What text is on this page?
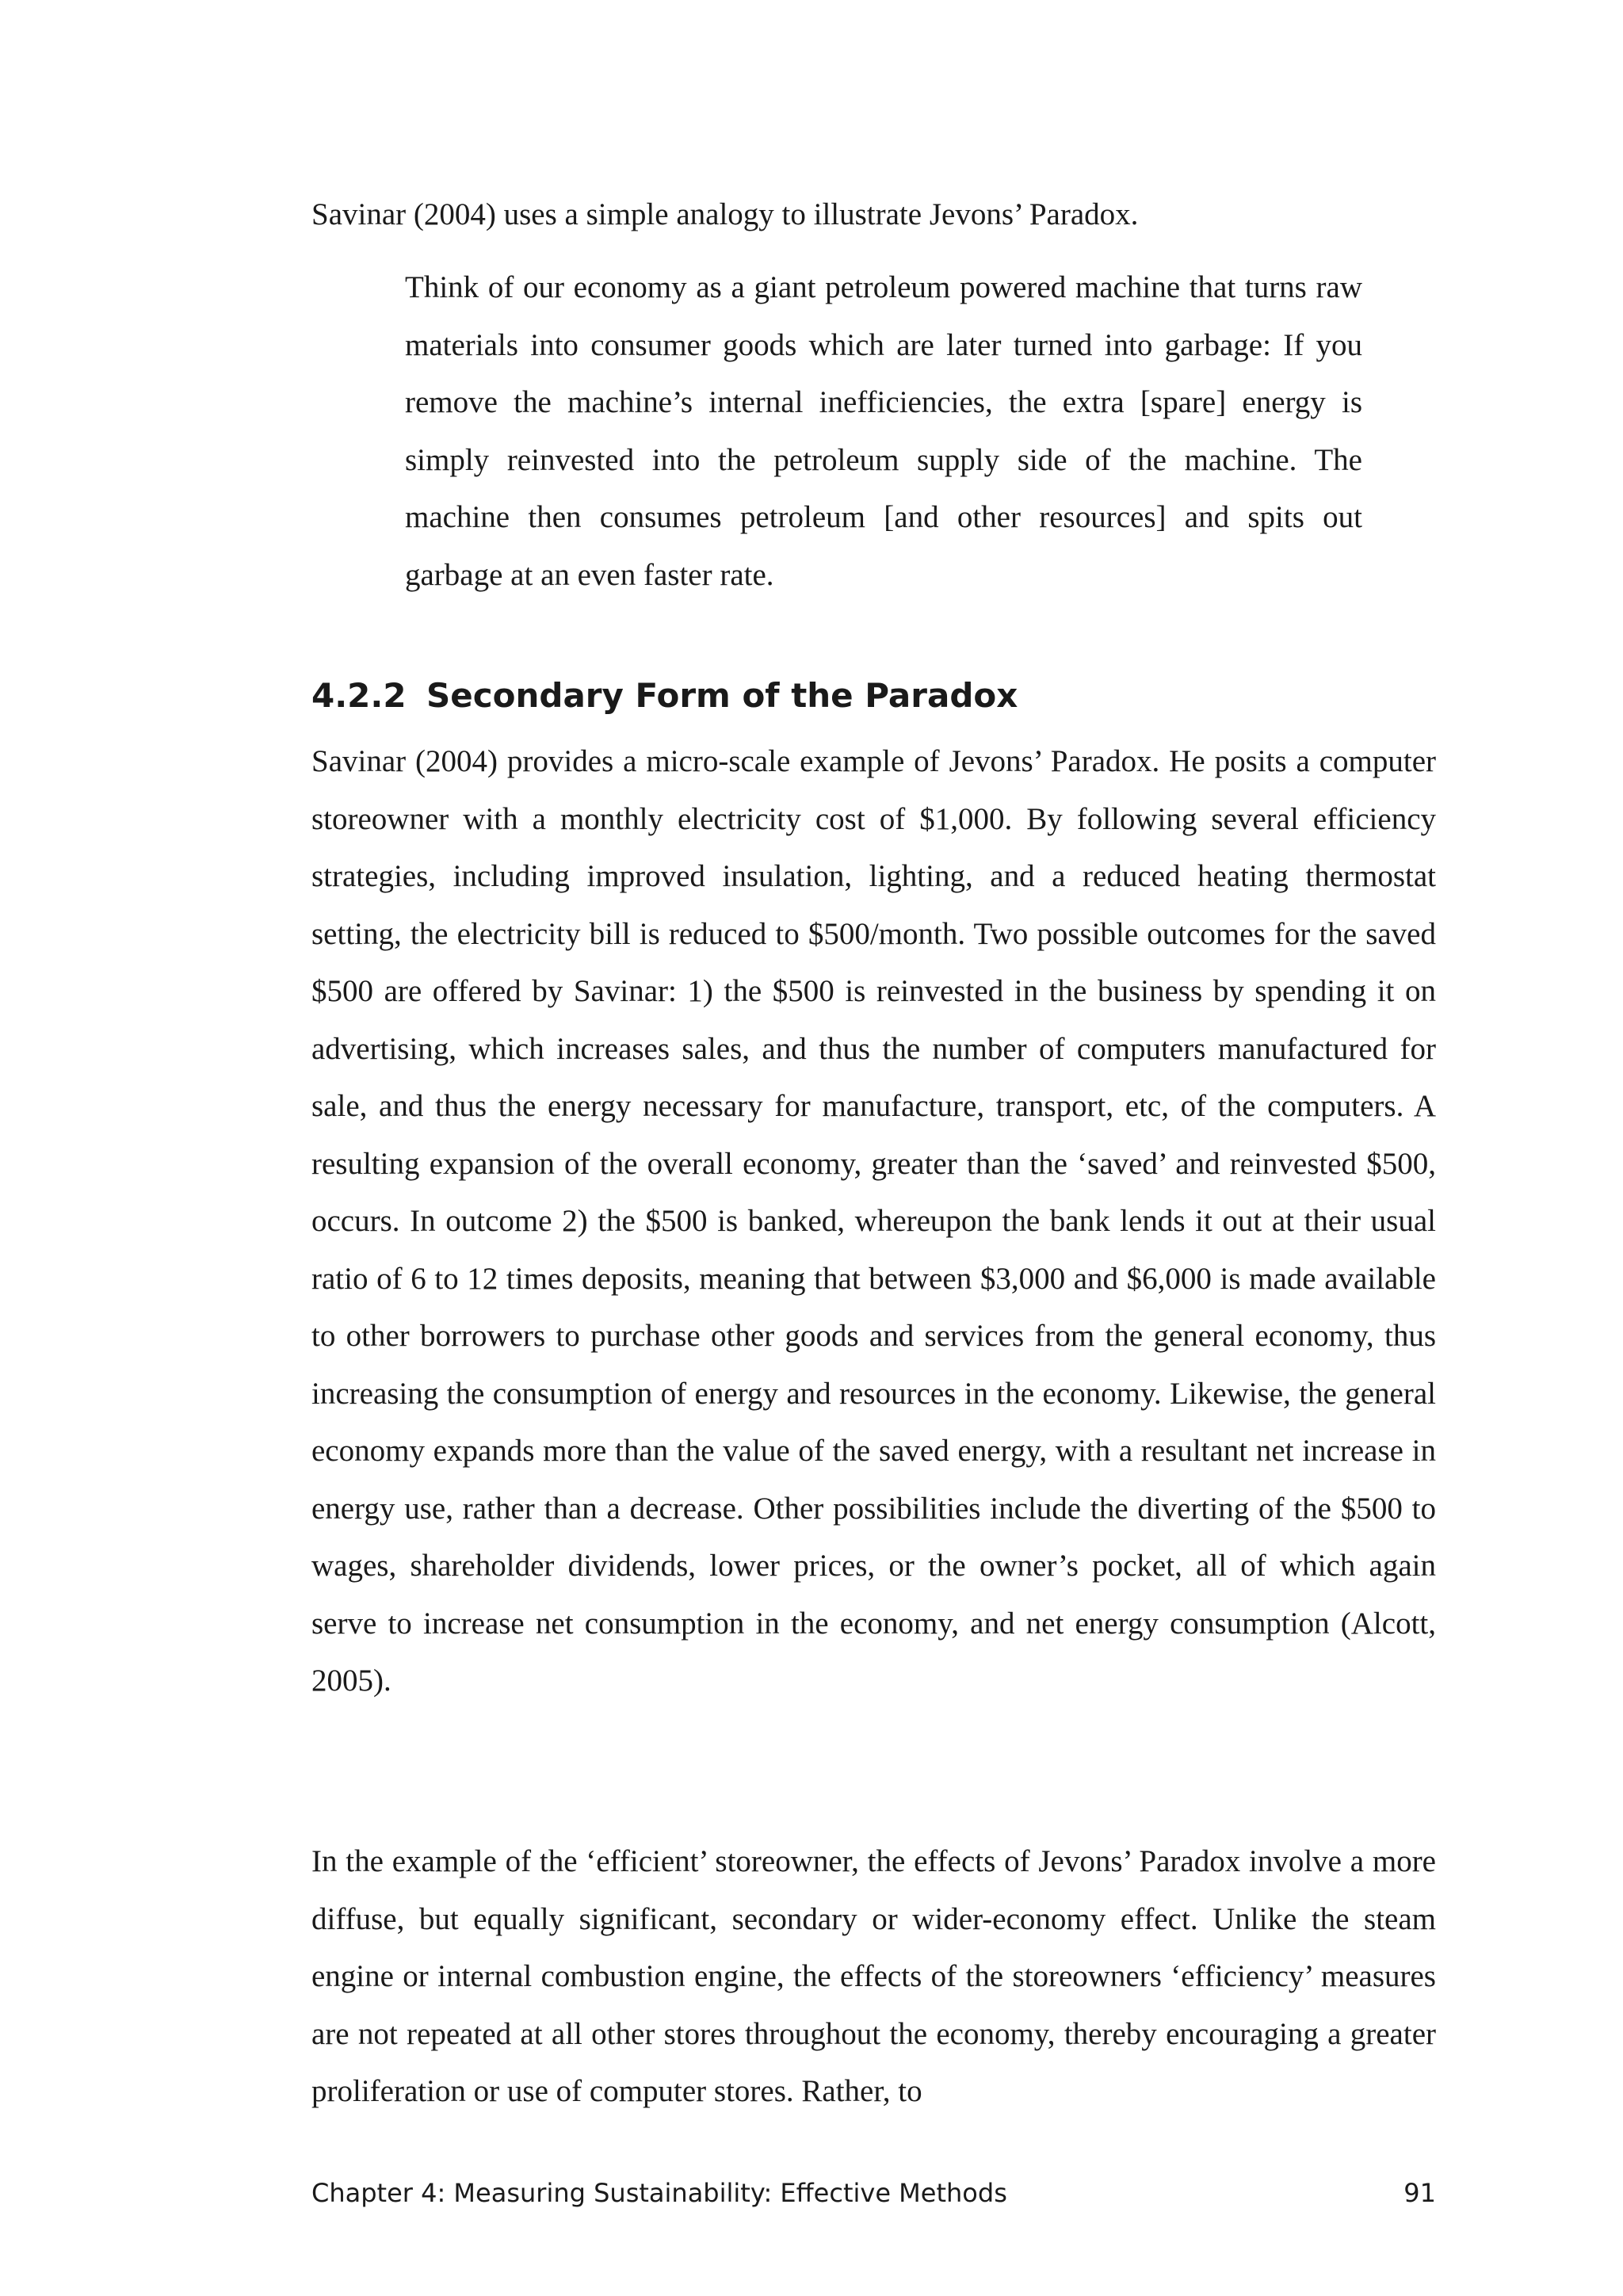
Savinar (2004) uses a simple analogy to illustrate Jevons’ Paradox.

Think of our economy as a giant petroleum powered machine that turns raw materials into consumer goods which are later turned into garbage: If you remove the machine’s internal inefficiencies, the extra [spare] energy is simply reinvested into the petroleum supply side of the machine. The machine then consumes petroleum [and other resources] and spits out garbage at an even faster rate.

4.2.2 Secondary Form of the Paradox

Savinar (2004) provides a micro-scale example of Jevons’ Paradox. He posits a computer storeowner with a monthly electricity cost of $1,000. By following several efficiency strategies, including improved insulation, lighting, and a reduced heating thermostat setting, the electricity bill is reduced to $500/month. Two possible outcomes for the saved $500 are offered by Savinar: 1) the $500 is reinvested in the business by spending it on advertising, which increases sales, and thus the number of computers manufactured for sale, and thus the energy necessary for manufacture, transport, etc, of the computers. A resulting expansion of the overall economy, greater than the ‘saved’ and reinvested $500, occurs. In outcome 2) the $500 is banked, whereupon the bank lends it out at their usual ratio of 6 to 12 times deposits, meaning that between $3,000 and $6,000 is made available to other borrowers to purchase other goods and services from the general economy, thus increasing the consumption of energy and resources in the economy. Likewise, the general economy expands more than the value of the saved energy, with a resultant net increase in energy use, rather than a decrease. Other possibilities include the diverting of the $500 to wages, shareholder dividends, lower prices, or the owner’s pocket, all of which again serve to increase net consumption in the economy, and net energy consumption (Alcott, 2005).

In the example of the ‘efficient’ storeowner, the effects of Jevons’ Paradox involve a more diffuse, but equally significant, secondary or wider-economy effect. Unlike the steam engine or internal combustion engine, the effects of the storeowners ‘efficiency’ measures are not repeated at all other stores throughout the economy, thereby encouraging a greater proliferation or use of computer stores. Rather, to

Chapter 4: Measuring Sustainability: Effective Methods	91
